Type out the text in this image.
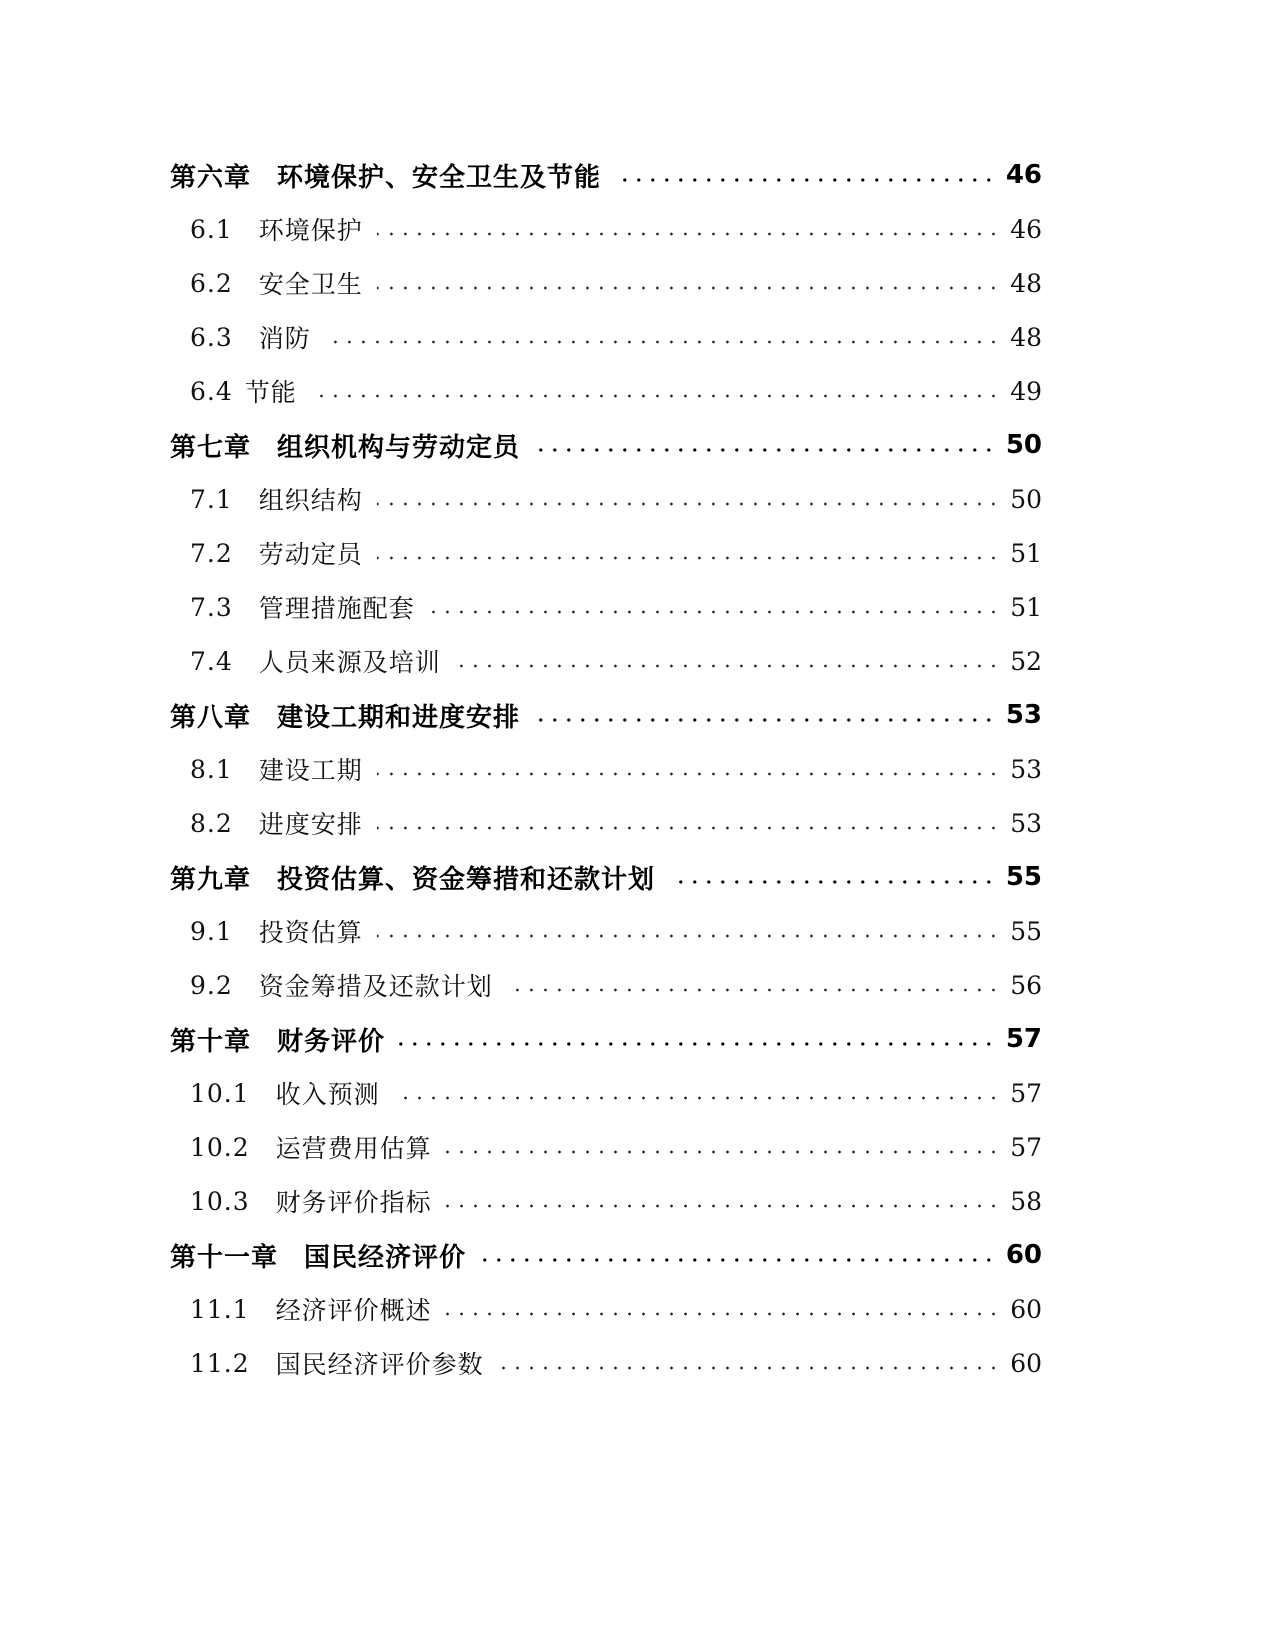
第六章 环境保护、安全卫生及节能	46
6.1 环境保护	46
6.2 安全卫生	48
6.3 消防	48
6.4 节能	49
第七章 组织机构与劳动定员	50
7.1 组织结构	50
7.2 劳动定员	51
7.3 管理措施配套	51
7.4 人员来源及培训	52
第八章 建设工期和进度安排	53
8.1 建设工期	53
8.2 进度安排	53
第九章 投资估算、资金筹措和还款计划	55
9.1 投资估算	55
9.2 资金筹措及还款计划	56
第十章 财务评价	57
10.1 收入预测	57
10.2 运营费用估算	57
10.3 财务评价指标	58
第十一章 国民经济评价	60
11.1 经济评价概述	60
11.2 国民经济评价参数	60
